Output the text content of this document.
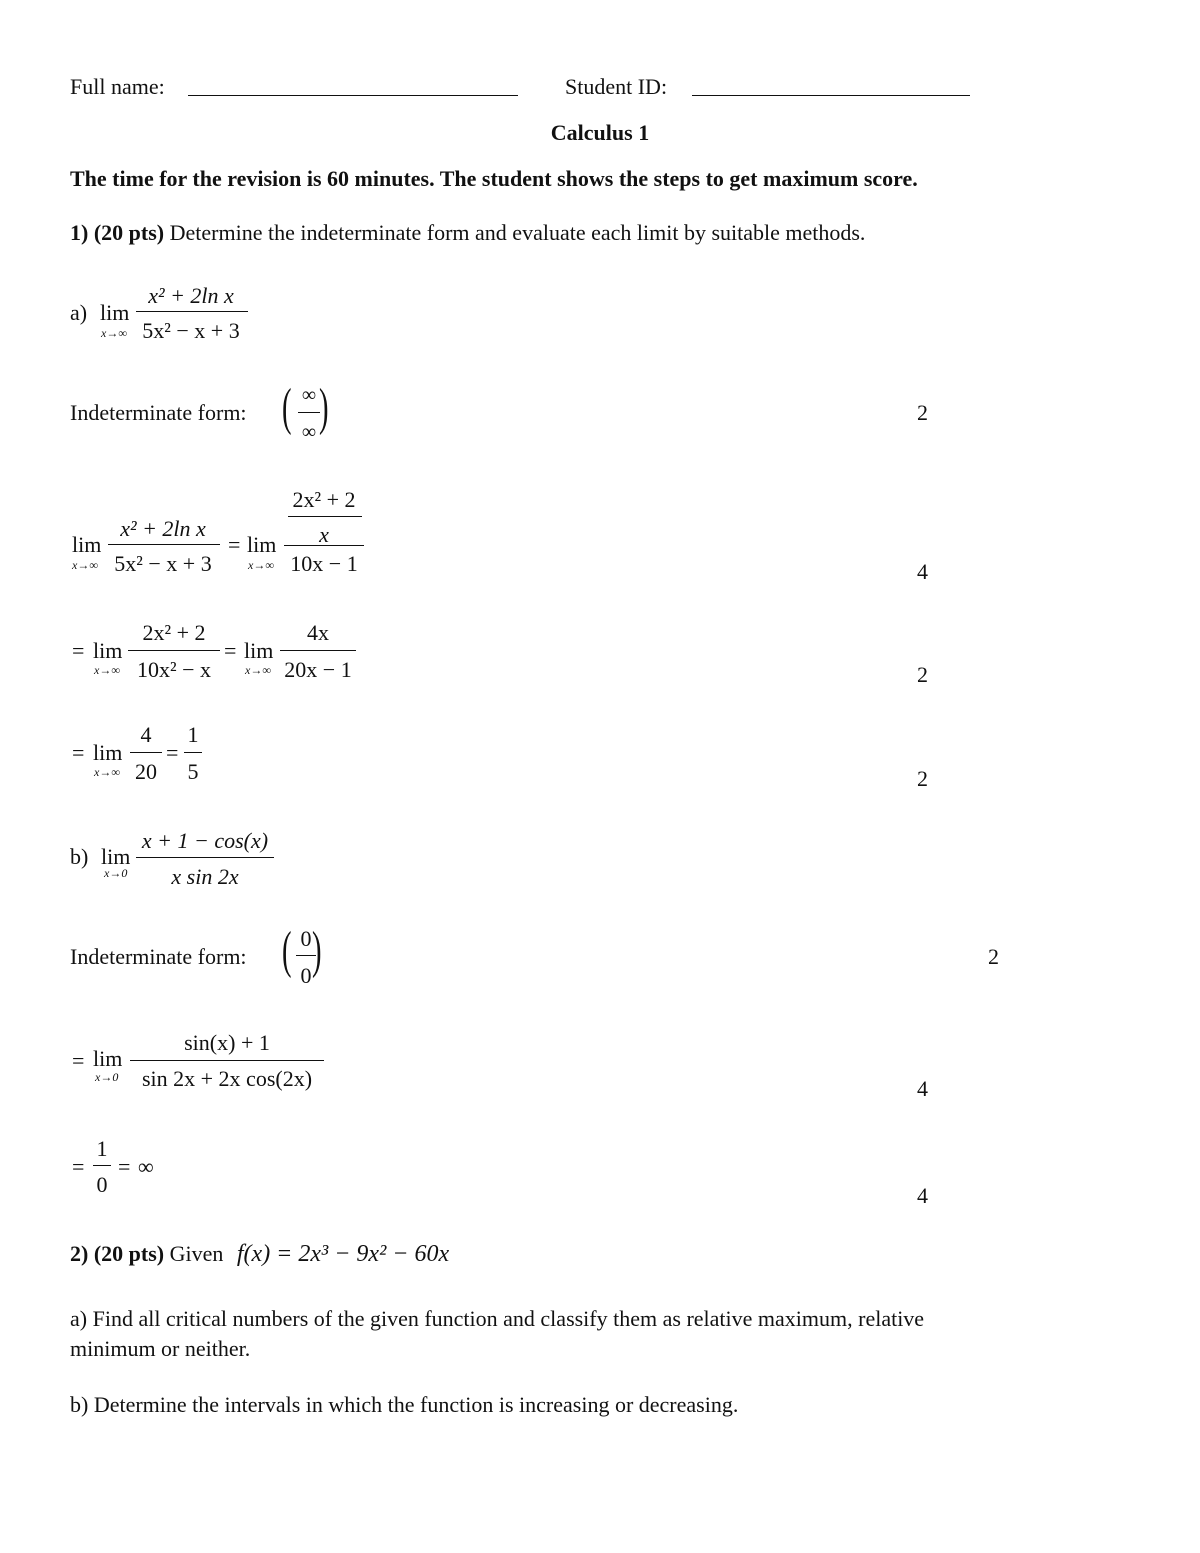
Full name:	Student ID:
Calculus 1
The time for the revision is 60 minutes. The student shows the steps to get maximum score.
1) (20 pts) Determine the indeterminate form and evaluate each limit by suitable methods.
a) lim
x→∞
x² + 2ln x
5x² − x + 3
Indeterminate form: ( ∞
∞ )
lim
x→∞
x² + 2ln x
5x² − x + 3
= lim
x→∞
2x² + 2
x
10x − 1
= lim
x→∞
2x² + 2
10x² − x
= lim
x→∞
4x
20x − 1
= lim
x→∞
4
20
=
1
5
b) lim
x→0
x + 1 − cos(x)
x sin 2x
Indeterminate form: ( 0
0 )
= lim
x→0
sin(x) + 1
sin 2x + 2x cos(2x)
=
1
0
= ∞
2
4
2
2
2
4
4
2) (20 pts) Given f(x) = 2x³ − 9x² − 60x
a) Find all critical numbers of the given function and classify them as relative maximum, relative
minimum or neither.
b) Determine the intervals in which the function is increasing or decreasing.
